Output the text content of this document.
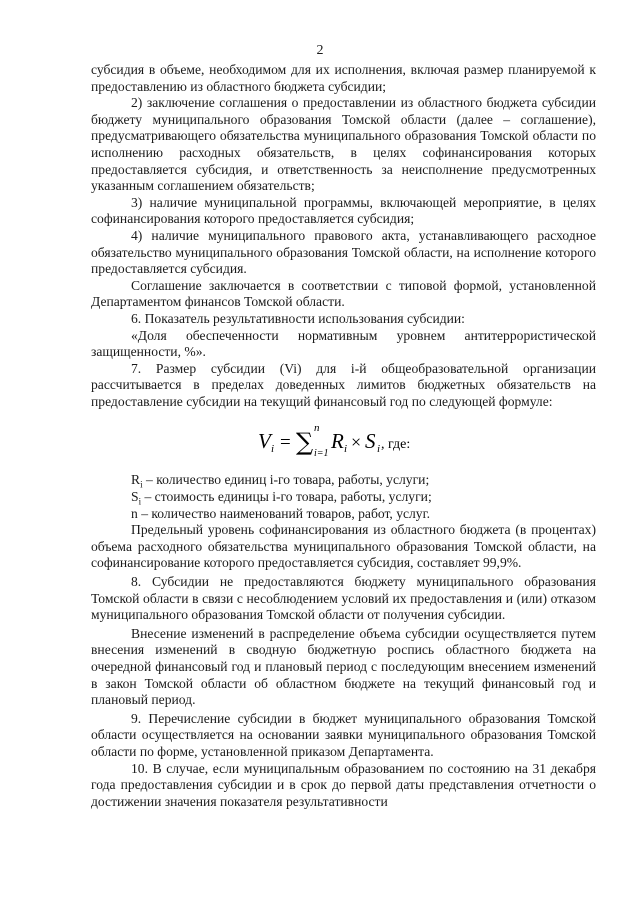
2

субсидия в объеме, необходимом для их исполнения, включая размер планируемой к предоставлению из областного бюджета субсидии;

2) заключение соглашения о предоставлении из областного бюджета субсидии бюджету муниципального образования Томской области (далее – соглашение), предусматривающего обязательства муниципального образования Томской области по исполнению расходных обязательств, в целях софинансирования которых предоставляется субсидия, и ответственность за неисполнение предусмотренных указанным соглашением обязательств;

3) наличие муниципальной программы, включающей мероприятие, в целях софинансирования которого предоставляется субсидия;

4) наличие муниципального правового акта, устанавливающего расходное обязательство муниципального образования Томской области, на исполнение которого предоставляется субсидия.

Соглашение заключается в соответствии с типовой формой, установленной Департаментом финансов Томской области.

6. Показатель результативности использования субсидии:

«Доля обеспеченности нормативным уровнем антитеррористической защищенности, %».

7. Размер субсидии (Vi) для i-й общеобразовательной организации рассчитывается в пределах доведенных лимитов бюджетных обязательств на предоставление субсидии на текущий финансовый год по следующей формуле:

V i = ∑ n
i=1
R i × S i , где:

$R_i$ – количество единиц i-го товара, работы, услуги;

$S_i$ – стоимость единицы i-го товара, работы, услуги;

n – количество наименований товаров, работ, услуг.

Предельный уровень софинансирования из областного бюджета (в процентах) объема расходного обязательства муниципального образования Томской области, на софинансирование которого предоставляется субсидия, составляет 99,9%.

8. Субсидии не предоставляются бюджету муниципального образования Томской области в связи с несоблюдением условий их предоставления и (или) отказом муниципального образования Томской области от получения субсидии.

Внесение изменений в распределение объема субсидии осуществляется путем внесения изменений в сводную бюджетную роспись областного бюджета на очередной финансовый год и плановый период с последующим внесением изменений в закон Томской области об областном бюджете на текущий финансовый год и плановый период.

9. Перечисление субсидии в бюджет муниципального образования Томской области осуществляется на основании заявки муниципального образования Томской области по форме, установленной приказом Департамента.

10. В случае, если муниципальным образованием по состоянию на 31 декабря года предоставления субсидии и в срок до первой даты представления отчетности о достижении значения показателя результативности
